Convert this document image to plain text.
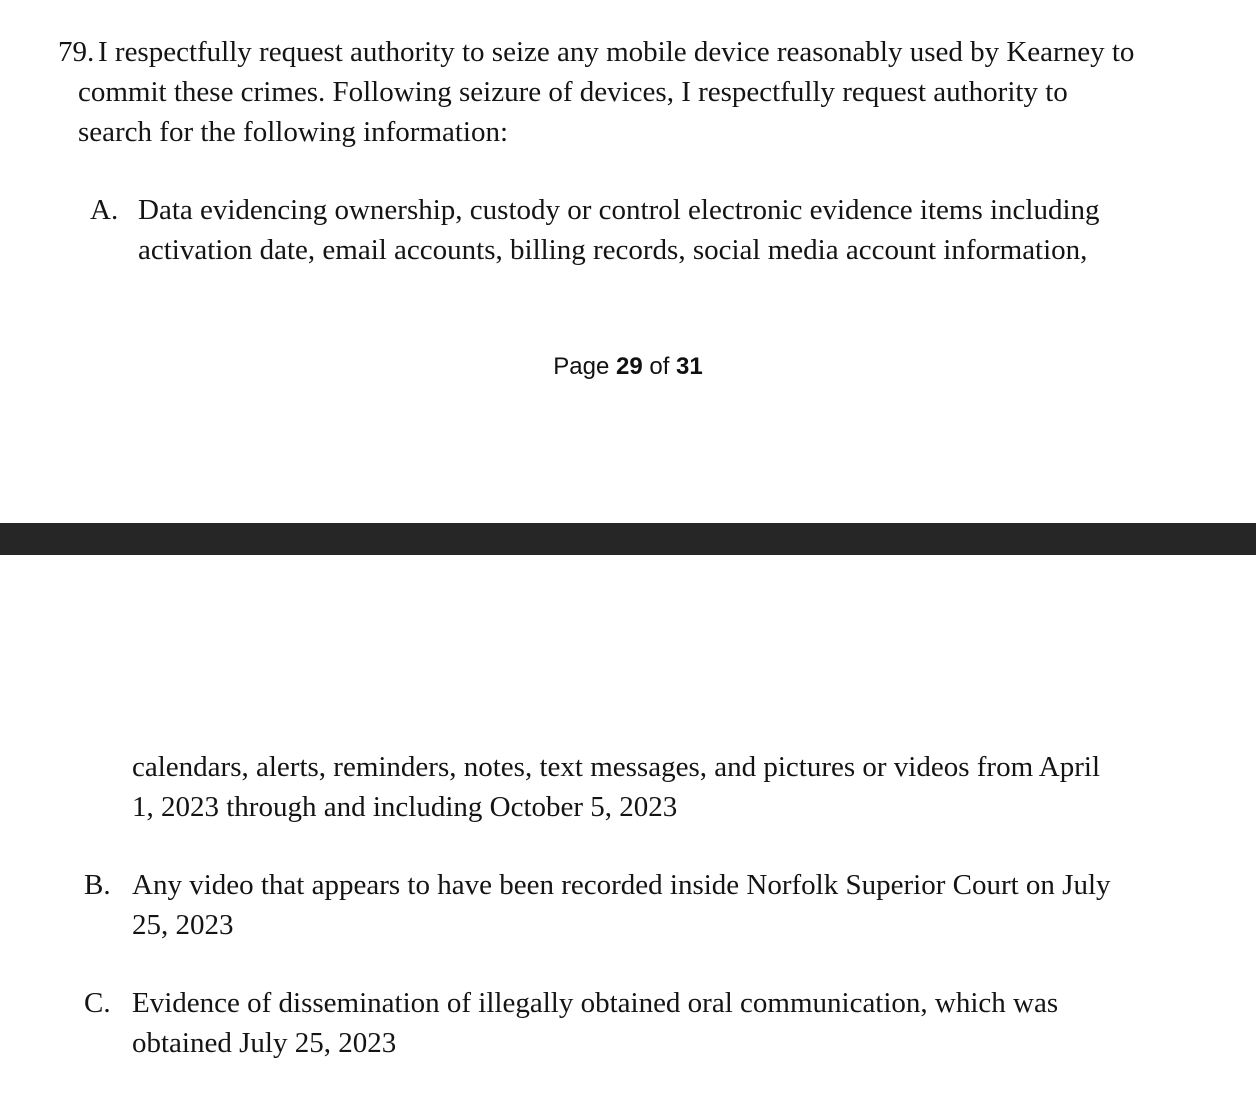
79. I respectfully request authority to seize any mobile device reasonably used by Kearney to
commit these crimes. Following seizure of devices, I respectfully request authority to
search for the following information:
A. Data evidencing ownership, custody or control electronic evidence items including
activation date, email accounts, billing records, social media account information,
Page 29 of 31
calendars, alerts, reminders, notes, text messages, and pictures or videos from April
1, 2023 through and including October 5, 2023
B. Any video that appears to have been recorded inside Norfolk Superior Court on July
25, 2023
C. Evidence of dissemination of illegally obtained oral communication, which was
obtained July 25, 2023
